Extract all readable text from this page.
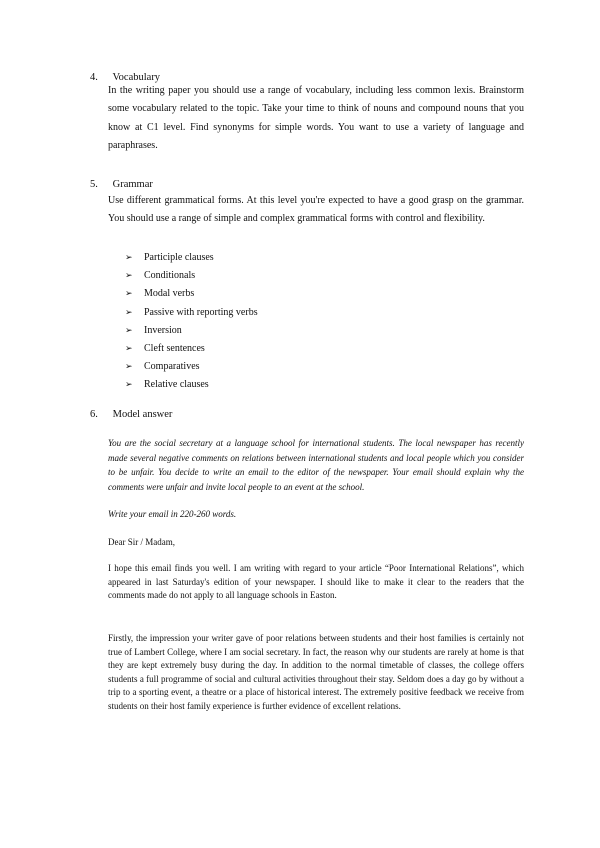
4. Vocabulary
In the writing paper you should use a range of vocabulary, including less common lexis. Brainstorm some vocabulary related to the topic. Take your time to think of nouns and compound nouns that you know at C1 level. Find synonyms for simple words. You want to use a variety of language and paraphrases.
5. Grammar
Use different grammatical forms. At this level you're expected to have a good grasp on the grammar. You should use a range of simple and complex grammatical forms with control and flexibility.
➢ Participle clauses
➢ Conditionals
➢ Modal verbs
➢ Passive with reporting verbs
➢ Inversion
➢ Cleft sentences
➢ Comparatives
➢ Relative clauses
6. Model answer
You are the social secretary at a language school for international students. The local newspaper has recently made several negative comments on relations between international students and local people which you consider to be unfair. You decide to write an email to the editor of the newspaper. Your email should explain why the comments were unfair and invite local people to an event at the school.
Write your email in 220-260 words.
Dear Sir / Madam,
I hope this email finds you well. I am writing with regard to your article “Poor International Relations”, which appeared in last Saturday's edition of your newspaper. I should like to make it clear to the readers that the comments made do not apply to all language schools in Easton.
Firstly, the impression your writer gave of poor relations between students and their host families is certainly not true of Lambert College, where I am social secretary. In fact, the reason why our students are rarely at home is that they are kept extremely busy during the day. In addition to the normal timetable of classes, the college offers students a full programme of social and cultural activities throughout their stay. Seldom does a day go by without a trip to a sporting event, a theatre or a place of historical interest. The extremely positive feedback we receive from students on their host family experience is further evidence of excellent relations.
